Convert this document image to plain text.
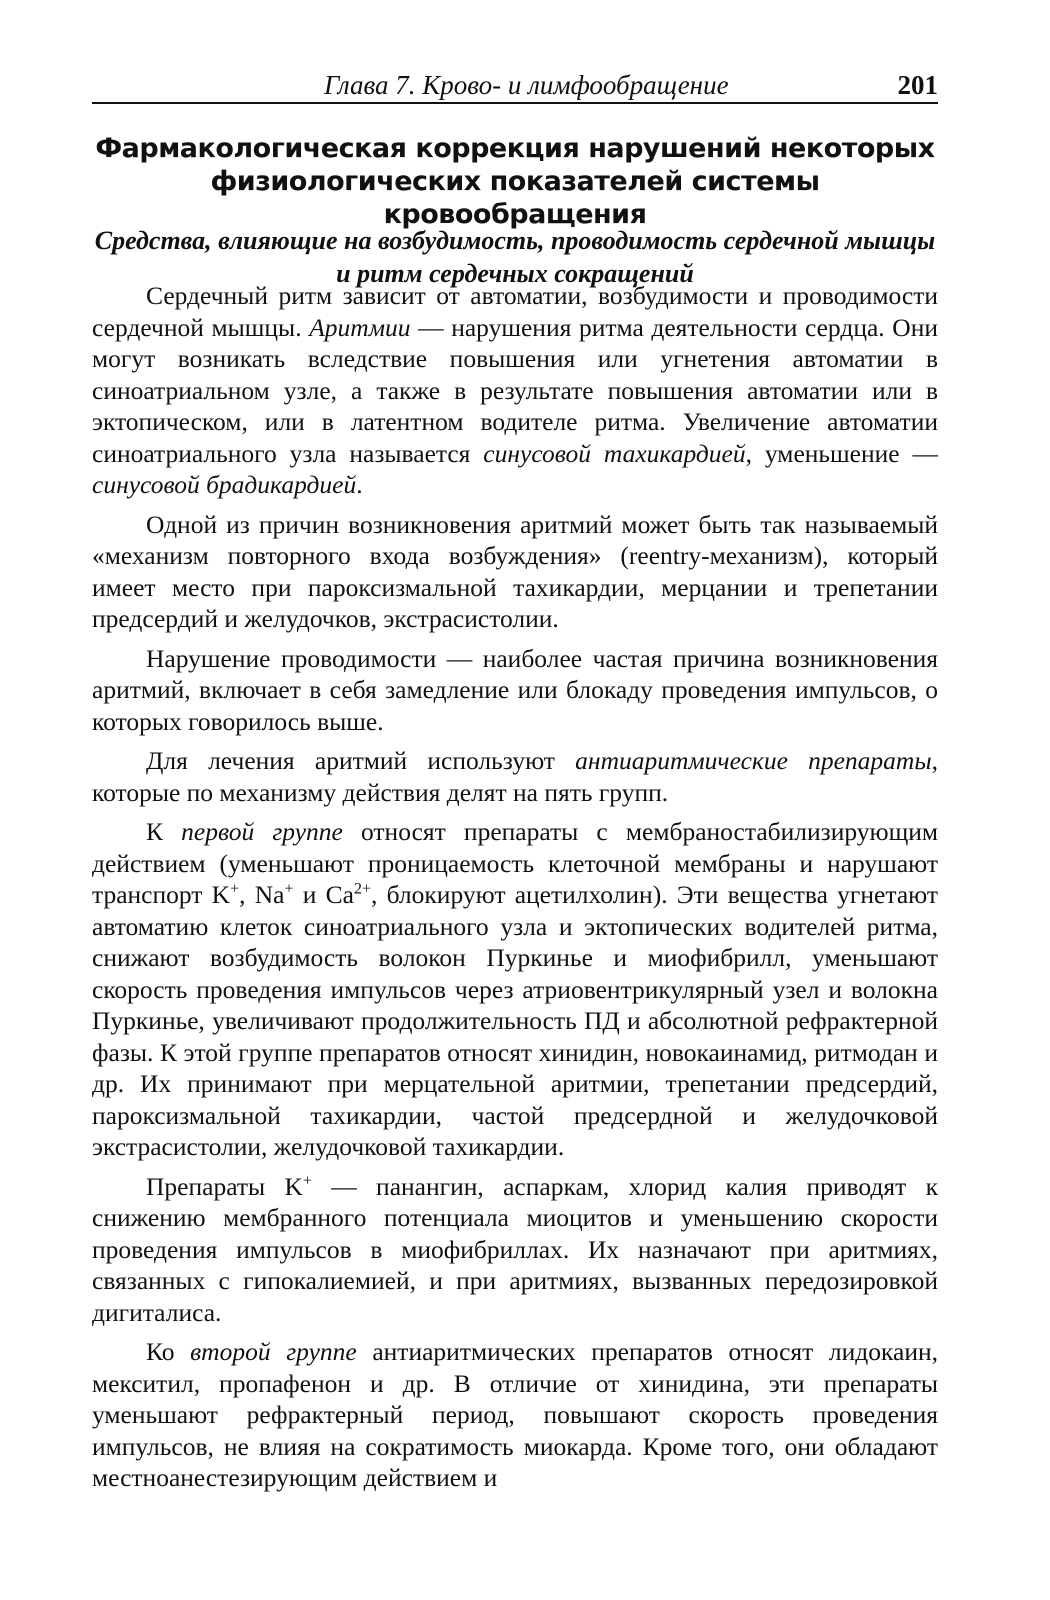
Глава 7. Крово- и лимфообращение	201
Фармакологическая коррекция нарушений некоторых физиологических показателей системы кровообращения
Средства, влияющие на возбудимость, проводимость сердечной мышцы и ритм сердечных сокращений

Сердечный ритм зависит от автоматии, возбудимости и проводимости сердечной мышцы. Аритмии — нарушения ритма деятельности сердца. Они могут возникать вследствие повышения или угнетения автоматии в синоатриальном узле, а также в результате повышения автоматии или в эктопическом, или в латентном водителе ритма. Увеличение автоматии синоатриального узла называется синусовой тахикардией, уменьшение — синусовой брадикардией.

Одной из причин возникновения аритмий может быть так называемый «механизм повторного входа возбуждения» (reentry-механизм), который имеет место при пароксизмальной тахикардии, мерцании и трепетании предсердий и желудочков, экстрасистолии.

Нарушение проводимости — наиболее частая причина возникновения аритмий, включает в себя замедление или блокаду проведения импульсов, о которых говорилось выше.

Для лечения аритмий используют антиаритмические препараты, которые по механизму действия делят на пять групп.

К первой группе относят препараты с мембраностабилизирующим действием (уменьшают проницаемость клеточной мембраны и нарушают транспорт K+, Na+ и $Ca^{2+}$, блокируют ацетилхолин). Эти вещества угнетают автоматию клеток синоатриального узла и эктопических водителей ритма, снижают возбудимость волокон Пуркинье и миофибрилл, уменьшают скорость проведения импульсов через атриовентрикулярный узел и волокна Пуркинье, увеличивают продолжительность ПД и абсолютной рефрактерной фазы. К этой группе препаратов относят хинидин, новокаинамид, ритмодан и др. Их принимают при мерцательной аритмии, трепетании предсердий, пароксизмальной тахикардии, частой предсердной и желудочковой экстрасистолии, желудочковой тахикардии.

Препараты K+ — панангин, аспаркам, хлорид калия приводят к снижению мембранного потенциала миоцитов и уменьшению скорости проведения импульсов в миофибриллах. Их назначают при аритмиях, связанных с гипокалиемией, и при аритмиях, вызванных передозировкой дигиталиса.

Ко второй группе антиаритмических препаратов относят лидокаин, мекситил, пропафенон и др. В отличие от хинидина, эти препараты уменьшают рефрактерный период, повышают скорость проведения импульсов, не влияя на сократимость миокарда. Кроме того, они обладают местноанестезирующим действием и
